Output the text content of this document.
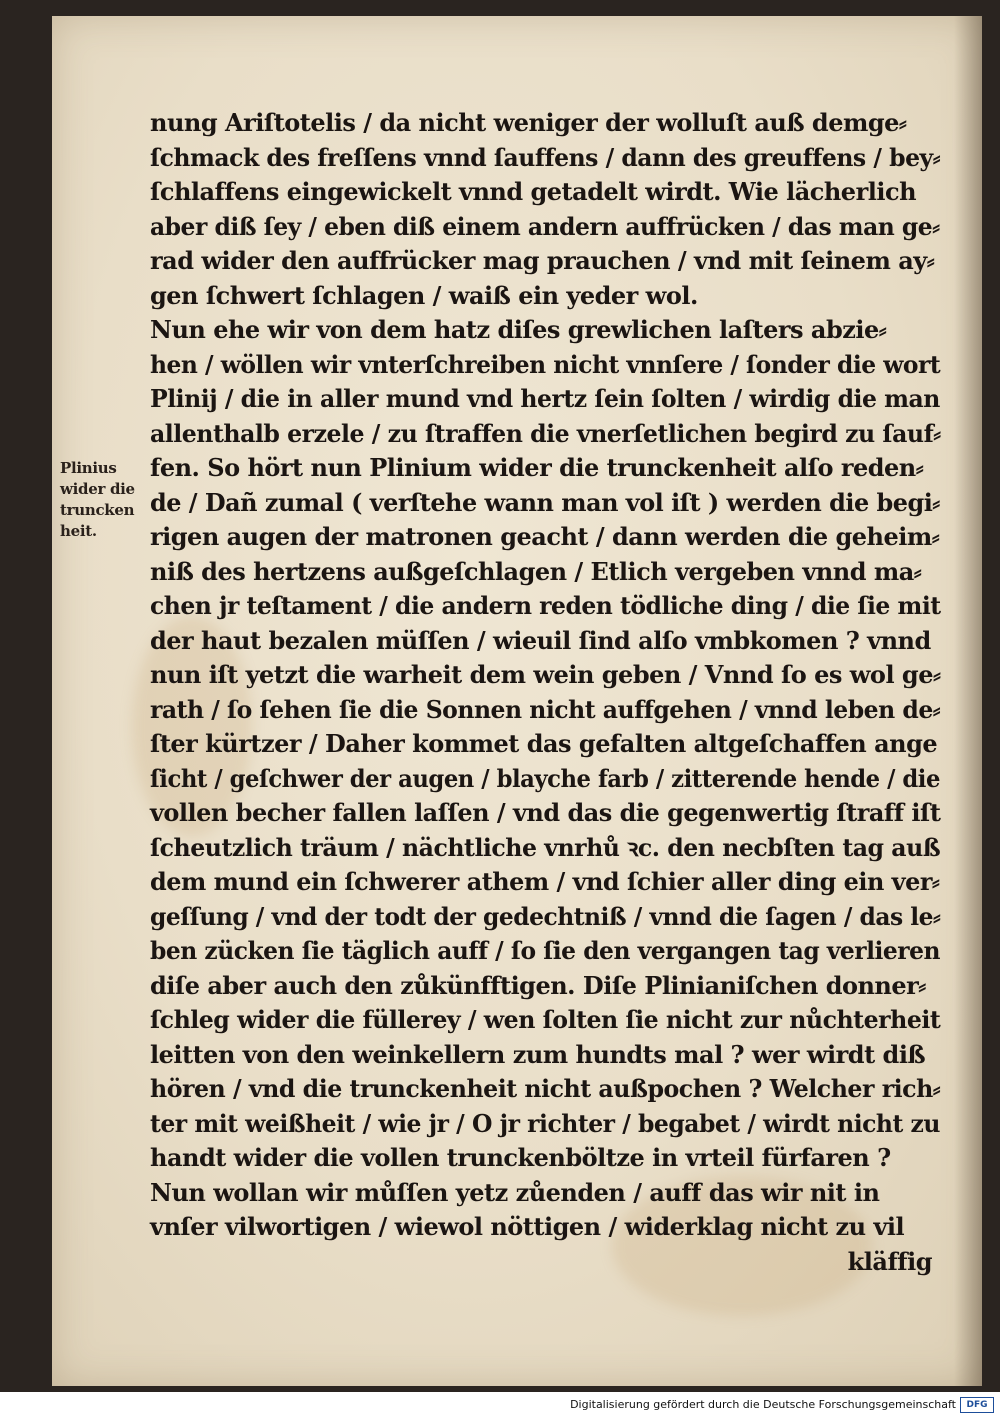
Plinius
wider die
truncken
heit.
nung Ariſtotelis / da nicht weniger der wolluſt auß demge⸗
ſchmack des freſſens vnnd ſauffens / dann des greuffens / bey⸗
ſchlaffens eingewickelt vnnd getadelt wirdt. Wie lächerlich
aber diß ſey / eben diß einem andern auffrücken / das man ge⸗
rad wider den auffrücker mag prauchen / vnd mit ſeinem ay⸗
gen ſchwert ſchlagen / waiß ein yeder wol.
Nun ehe wir von dem hatz diſes grewlichen laſters abzie⸗
hen / wöllen wir vnterſchreiben nicht vnnſere / ſonder die wort
Plinij / die in aller mund vnd hertz ſein ſolten / wirdig die man
allenthalb erzele / zu ſtraffen die vnerſetlichen begird zu ſauf⸗
fen. So hört nun Plinium wider die trunckenheit alſo reden⸗
de / Dañ zumal ( verſtehe wann man vol iſt ) werden die begi⸗
rigen augen der matronen geacht / dann werden die geheim⸗
niß des hertzens außgeſchlagen / Etlich vergeben vnnd ma⸗
chen jr teſtament / die andern reden tödliche ding / die ſie mit
der haut bezalen müſſen / wieuil ſind alſo vmbkomen ? vnnd
nun iſt yetzt die warheit dem wein geben / Vnnd ſo es wol ge⸗
rath / ſo ſehen ſie die Sonnen nicht auffgehen / vnnd leben de⸗
ſter kürtzer / Daher kommet das gefalten altgeſchaffen ange
ſicht / geſchwer der augen / blayche farb / zitterende hende / die
vollen becher fallen laſſen / vnd das die gegenwertig ſtraff iſt
ſcheutzlich träum / nächtliche vnrhů ꝛc. den necbſten tag auß
dem mund ein ſchwerer athem / vnd ſchier aller ding ein ver⸗
geſſung / vnd der todt der gedechtniß / vnnd die ſagen / das le⸗
ben zücken ſie täglich auff / ſo ſie den vergangen tag verlieren
diſe aber auch den zůkünfftigen. Diſe Plinianiſchen donner⸗
ſchleg wider die füllerey / wen ſolten ſie nicht zur nůchterheit
leitten von den weinkellern zum hundts mal ? wer wirdt diß
hören / vnd die trunckenheit nicht außpochen ? Welcher rich⸗
ter mit weißheit / wie jr / O jr richter / begabet / wirdt nicht zu
handt wider die vollen trunckenböltze in vrteil fürfaren ?
Nun wollan wir můſſen yetz zůenden / auff das wir nit in
vnſer vilwortigen / wiewol nöttigen / widerklag nicht zu vil
kläffig
Digitalisierung gefördert durch die Deutsche Forschungsgemeinschaft	DFG
